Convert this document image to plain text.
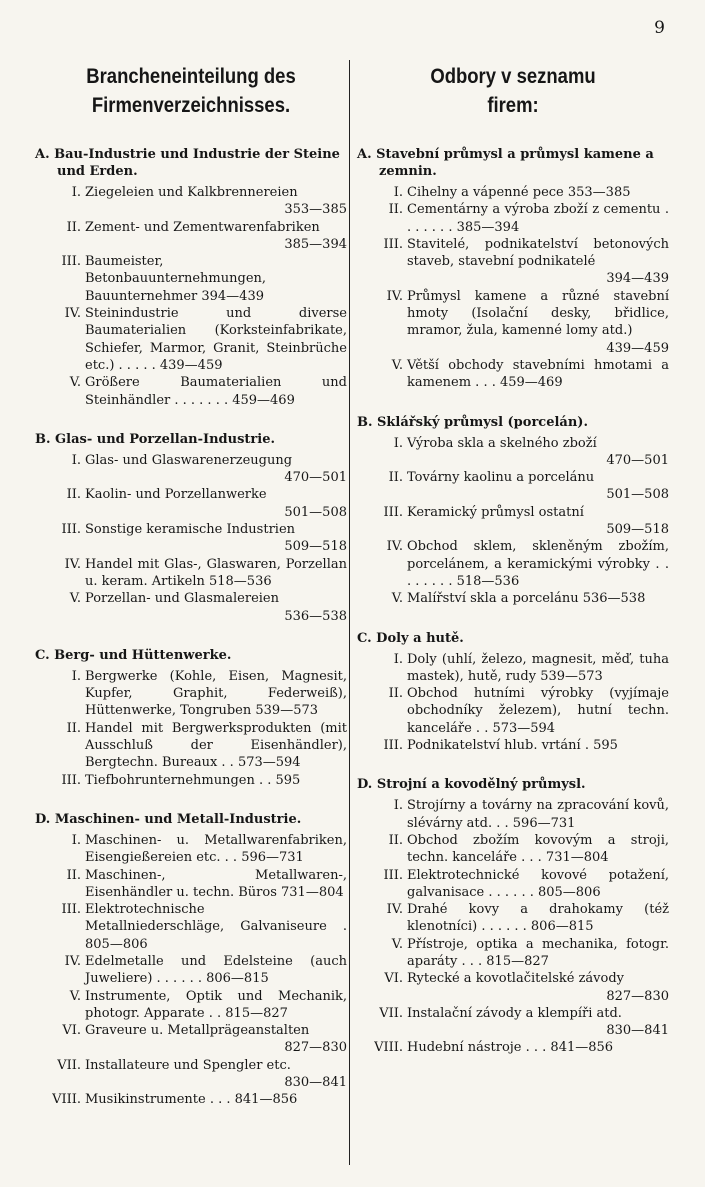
9
Brancheneinteilung des
Firmenverzeichnisses.
A. Bau-Industrie und Industrie der Steine und Erden.
I. Ziegeleien und Kalkbrennereien
353—385
II. Zement- und Zementwarenfabriken
385—394
III. Baumeister, Betonbauunternehmungen, Bauunternehmer 394—439
IV. Steinindustrie und diverse Baumaterialien (Korksteinfabrikate, Schiefer, Marmor, Granit, Steinbrüche etc.) . . . . . 439—459
V. Größere Baumaterialien und Steinhändler . . . . . . . 459—469
B. Glas- und Porzellan-Industrie.
I. Glas- und Glaswarenerzeugung
470—501
II. Kaolin- und Porzellanwerke
501—508
III. Sonstige keramische Industrien
509—518
IV. Handel mit Glas-, Glaswaren, Porzellan u. keram. Artikeln 518—536
V. Porzellan- und Glasmalereien
536—538
C. Berg- und Hüttenwerke.
I. Bergwerke (Kohle, Eisen, Magnesit, Kupfer, Graphit, Federweiß), Hüttenwerke, Tongruben 539—573
II. Handel mit Bergwerksprodukten (mit Ausschluß der Eisenhändler), Bergtechn. Bureaux . . 573—594
III. Tiefbohrunternehmungen . . 595
D. Maschinen- und Metall-Industrie.
I. Maschinen- u. Metallwarenfabriken, Eisengießereien etc. . . 596—731
II. Maschinen-, Metallwaren-, Eisenhändler u. techn. Büros 731—804
III. Elektrotechnische Metallniederschläge, Galvaniseure . 805—806
IV. Edelmetalle und Edelsteine (auch Juweliere) . . . . . . 806—815
V. Instrumente, Optik und Mechanik, photogr. Apparate . . 815—827
VI. Graveure u. Metallprägeanstalten
827—830
VII. Installateure und Spengler etc.
830—841
VIII. Musikinstrumente . . . 841—856
Odbory v seznamu
firem:
A. Stavební průmysl a průmysl kamene a zemnin.
I. Cihelny a vápenné pece 353—385
II. Cementárny a výroba zboží z cementu . . . . . . . 385—394
III. Stavitelé, podnikatelství betonových staveb, stavební podnikatelé
394—439
IV. Průmysl kamene a různé stavební hmoty (Isolační desky, břidlice, mramor, žula, kamenné lomy atd.)
439—459
V. Větší obchody stavebními hmotami a kamenem . . . 459—469
B. Sklářský průmysl (porcelán).
I. Výroba skla a skelného zboží
470—501
II. Továrny kaolinu a porcelánu
501—508
III. Keramický průmysl ostatní
509—518
IV. Obchod sklem, skleněným zbožím, porcelánem, a keramickými výrobky . . . . . . . . 518—536
V. Malířství skla a porcelánu 536—538
C. Doly a hutě.
I. Doly (uhlí, železo, magnesit, měď, tuha mastek), hutě, rudy 539—573
II. Obchod hutními výrobky (vyjímaje obchodníky železem), hutní techn. kanceláře . . 573—594
III. Podnikatelství hlub. vrtání . 595
D. Strojní a kovodělný průmysl.
I. Strojírny a továrny na zpracování kovů, slévárny atd. . . 596—731
II. Obchod zbožím kovovým a stroji, techn. kanceláře . . . 731—804
III. Elektrotechnické kovové potažení, galvanisace . . . . . . 805—806
IV. Drahé kovy a drahokamy (též klenotníci) . . . . . . 806—815
V. Přístroje, optika a mechanika, fotogr. aparáty . . . 815—827
VI. Rytecké a kovotlačitelské závody
827—830
VII. Instalační závody a klempíři atd.
830—841
VIII. Hudební nástroje . . . 841—856
